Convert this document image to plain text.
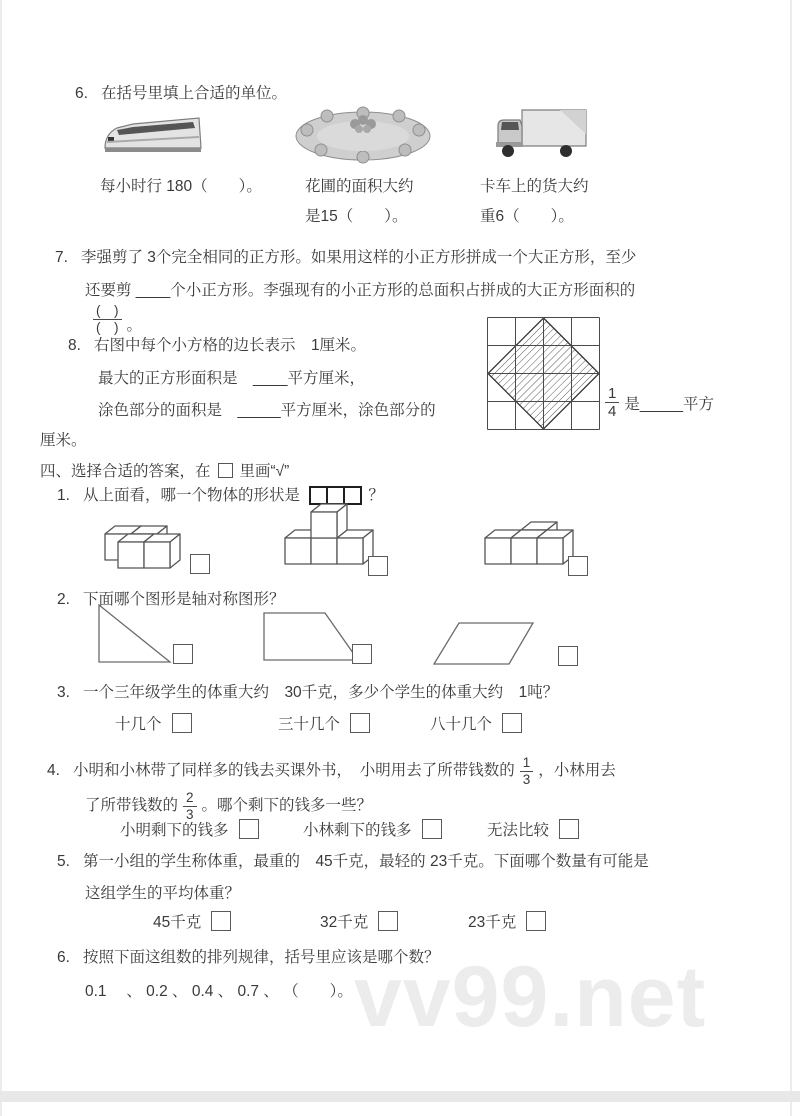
vv99.net
6. 在括号里填上合适的单位。
每小时行 180（　　）。	花圃的面积大约
是15（　　）。
卡车上的货大约
重6（　　）。
7. 李强剪了 3个完全相同的正方形。如果用这样的小正方形拼成一个大正方形，至少
还要剪 ____个小正方形。李强现有的小正方形的总面积占拼成的大正方形面积的
$\frac{( )}{( )}$ 。
8. 右图中每个小方格的边长表示　1厘米。
最大的正方形面积是　____平方厘米，
涂色部分的面积是　_____平方厘米，涂色部分的
厘米。
$\frac{1}{4}$ 是_____平方
四、选择合适的答案，在 里画“√”
1. 从上面看，哪一个物体的形状是	？
2. 下面哪个图形是轴对称图形？
3. 一个三年级学生的体重大约　30千克，多少个学生的体重大约　1吨？
十几个	三十几个	八十几个
4. 小明和小林带了同样多的钱去买课外书，　小明用去了所带钱数的 $\frac{1}{3}$ ，小林用去
了所带钱数的 $\frac{2}{3}$ 。哪个剩下的钱多一些？
小明剩下的钱多	小林剩下的钱多	无法比较
5. 第一小组的学生称体重，最重的　45千克，最轻的 23千克。下面哪个数量有可能是
这组学生的平均体重？
45千克	32千克	23千克
6. 按照下面这组数的排列规律，括号里应该是哪个数？
0.1 　、 0.2 、 0.4 、 0.7 、 （　　）。
